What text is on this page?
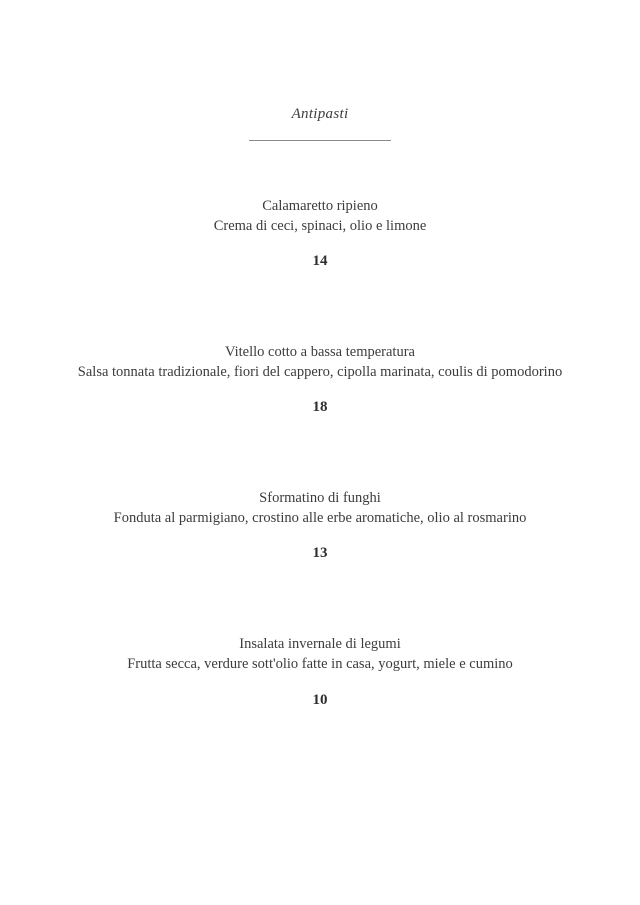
Antipasti
Calamaretto ripieno
Crema di ceci, spinaci, olio e limone
14
Vitello cotto a bassa temperatura
Salsa tonnata tradizionale, fiori del cappero, cipolla marinata, coulis di pomodorino
18
Sformatino di funghi
Fonduta al parmigiano, crostino alle erbe aromatiche, olio al rosmarino
13
Insalata invernale di legumi
Frutta secca, verdure sott'olio fatte in casa, yogurt, miele e cumino
10
